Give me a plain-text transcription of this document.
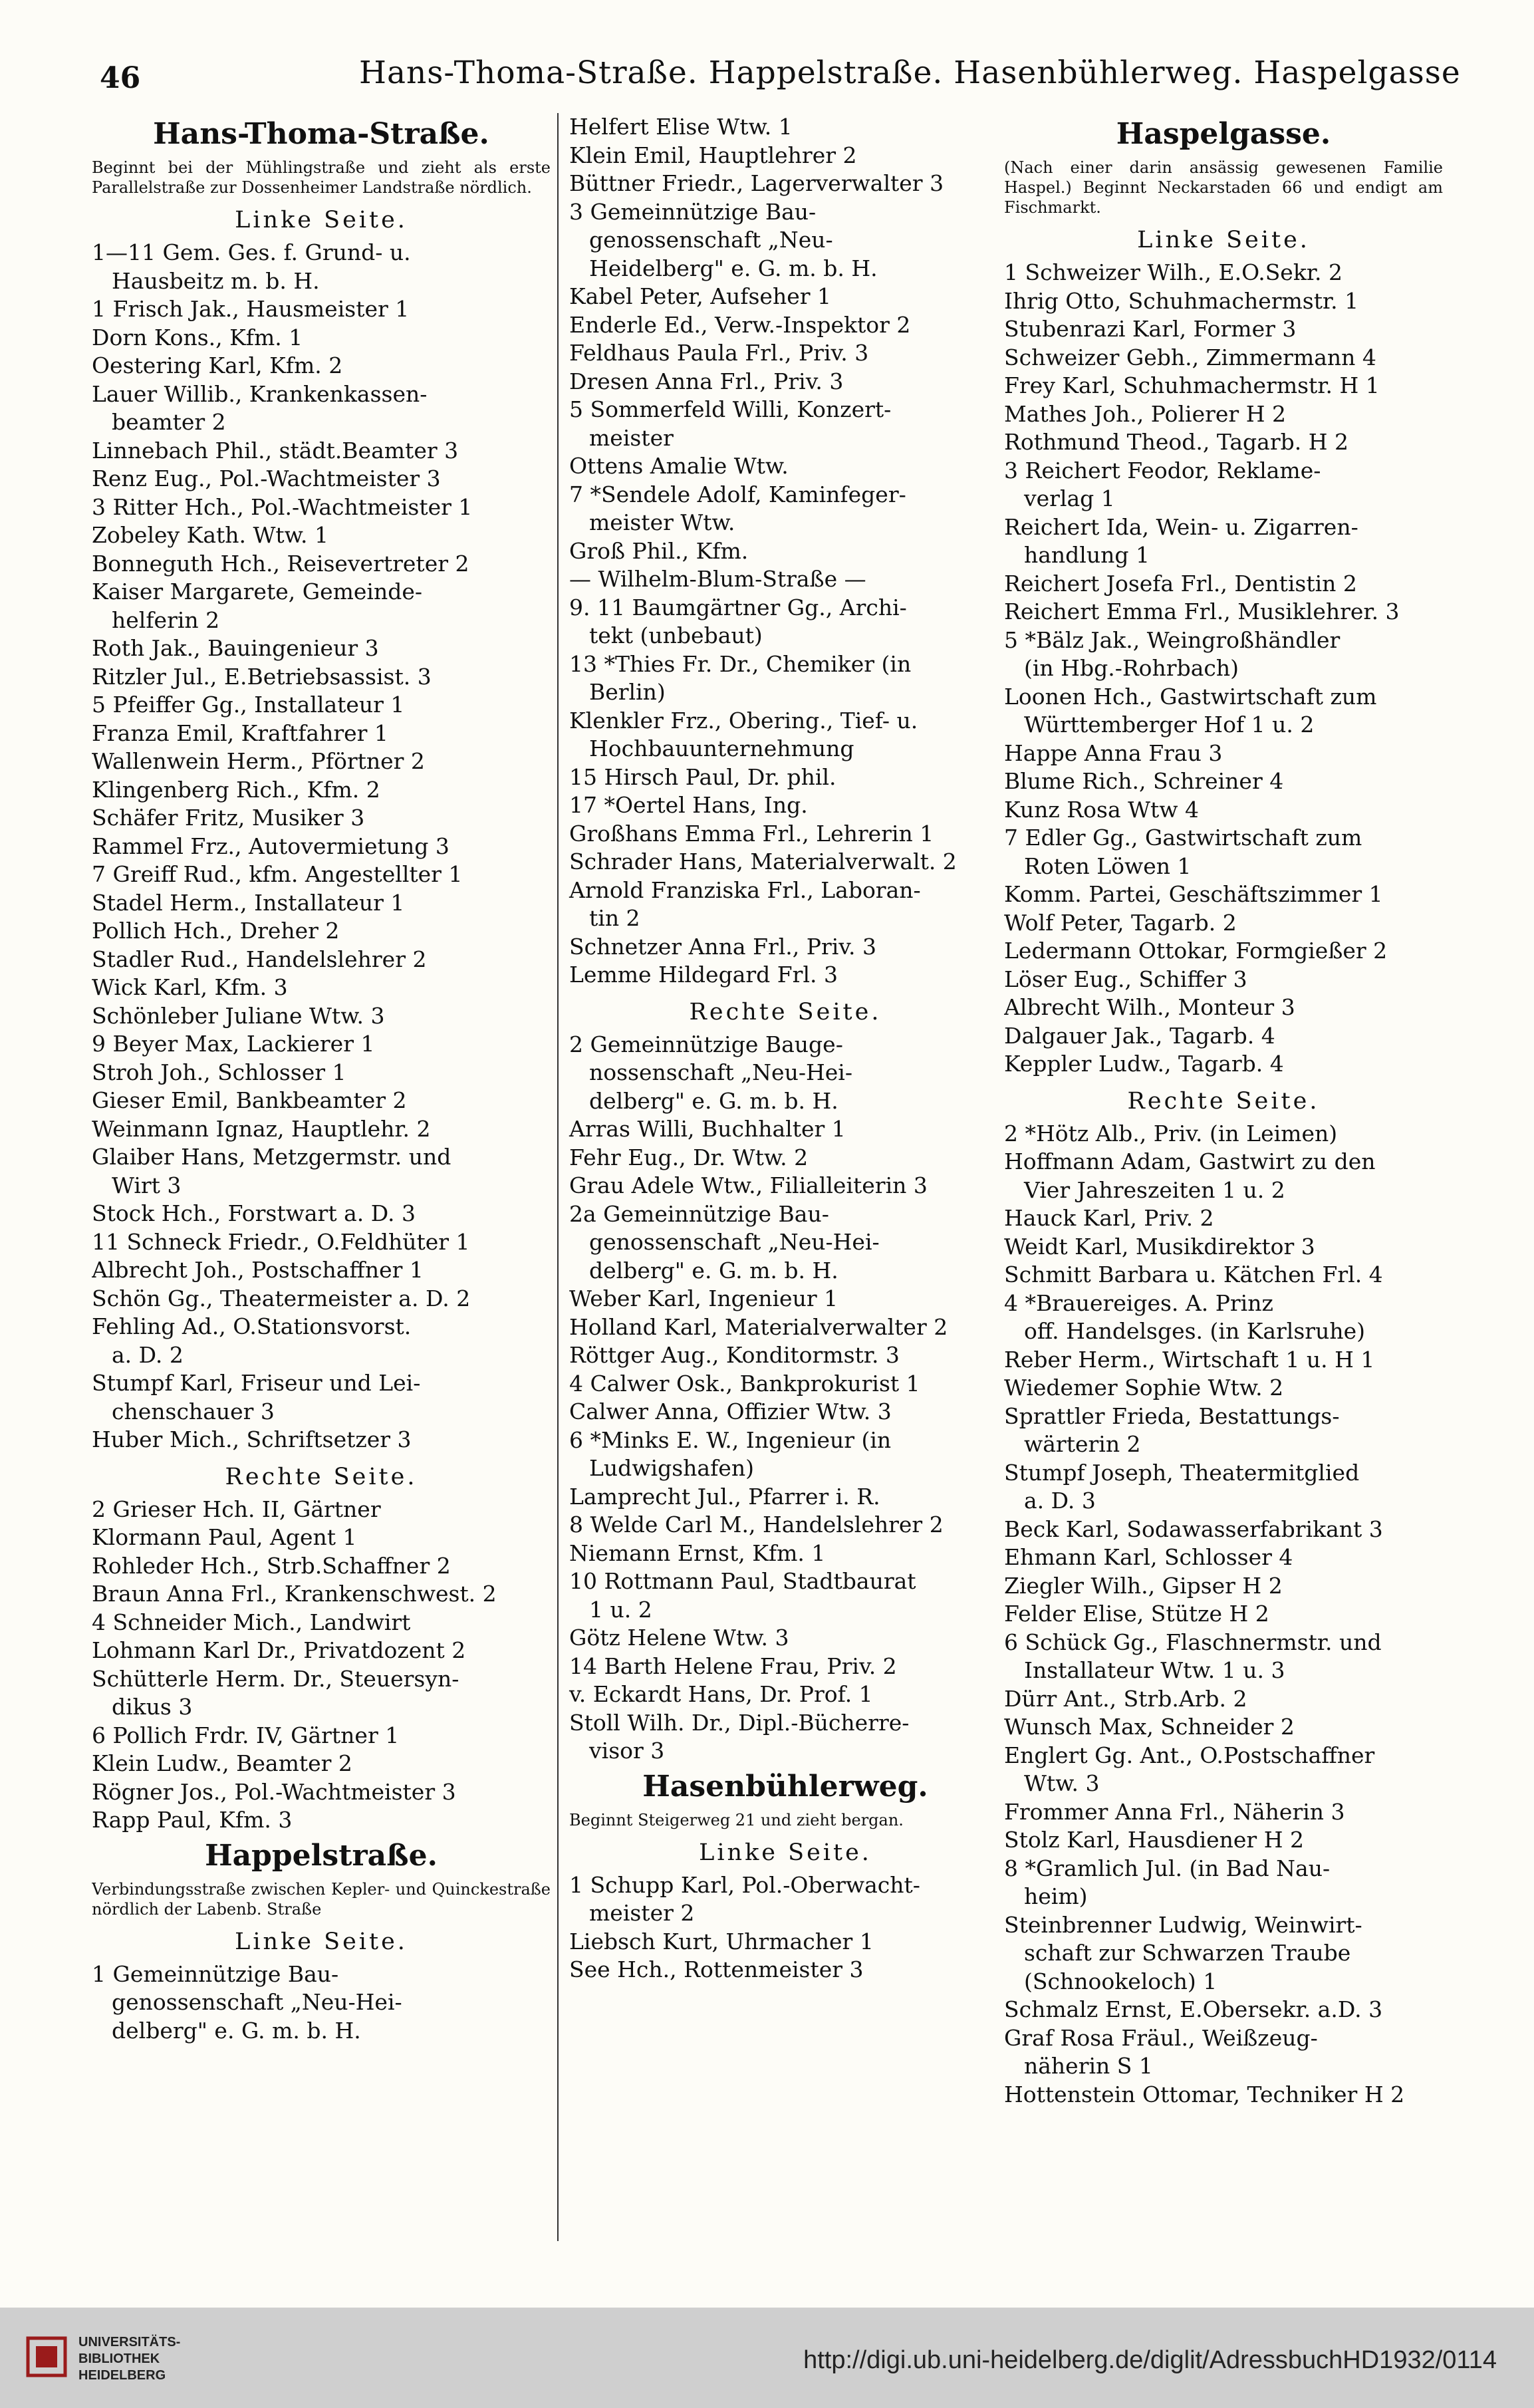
46	Hans-Thoma-Straße. Happelstraße. Hasenbühlerweg. Haspelgasse
Hans-Thoma-Straße.
Beginnt bei der Mühlingstraße und zieht als erste Parallelstraße zur Dossenheimer Landstraße nördlich.
Linke Seite.
1—11 Gem. Ges. f. Grund- u.
Hausbeitz m. b. H.
1 Frisch Jak., Hausmeister 1
Dorn Kons., Kfm. 1
Oestering Karl, Kfm. 2
Lauer Willib., Krankenkassen-
beamter 2
Linnebach Phil., städt.Beamter 3
Renz Eug., Pol.-Wachtmeister 3
3 Ritter Hch., Pol.-Wachtmeister 1
Zobeley Kath. Wtw. 1
Bonneguth Hch., Reisevertreter 2
Kaiser Margarete, Gemeinde-
helferin 2
Roth Jak., Bauingenieur 3
Ritzler Jul., E.Betriebsassist. 3
5 Pfeiffer Gg., Installateur 1
Franza Emil, Kraftfahrer 1
Wallenwein Herm., Pförtner 2
Klingenberg Rich., Kfm. 2
Schäfer Fritz, Musiker 3
Rammel Frz., Autovermietung 3
7 Greiff Rud., kfm. Angestellter 1
Stadel Herm., Installateur 1
Pollich Hch., Dreher 2
Stadler Rud., Handelslehrer 2
Wick Karl, Kfm. 3
Schönleber Juliane Wtw. 3
9 Beyer Max, Lackierer 1
Stroh Joh., Schlosser 1
Gieser Emil, Bankbeamter 2
Weinmann Ignaz, Hauptlehr. 2
Glaiber Hans, Metzgermstr. und
Wirt 3
Stock Hch., Forstwart a. D. 3
11 Schneck Friedr., O.Feldhüter 1
Albrecht Joh., Postschaffner 1
Schön Gg., Theatermeister a. D. 2
Fehling Ad., O.Stationsvorst.
a. D. 2
Stumpf Karl, Friseur und Lei-
chenschauer 3
Huber Mich., Schriftsetzer 3
Rechte Seite.
2 Grieser Hch. II, Gärtner
Klormann Paul, Agent 1
Rohleder Hch., Strb.Schaffner 2
Braun Anna Frl., Krankenschwest. 2
4 Schneider Mich., Landwirt
Lohmann Karl Dr., Privatdozent 2
Schütterle Herm. Dr., Steuersyn-
dikus 3
6 Pollich Frdr. IV, Gärtner 1
Klein Ludw., Beamter 2
Rögner Jos., Pol.-Wachtmeister 3
Rapp Paul, Kfm. 3
Happelstraße.
Verbindungsstraße zwischen Kepler- und Quinckestraße nördlich der Labenb. Straße
Linke Seite.
1 Gemeinnützige Bau-
genossenschaft „Neu-Hei-
delberg" e. G. m. b. H.
Helfert Elise Wtw. 1
Klein Emil, Hauptlehrer 2
Büttner Friedr., Lagerverwalter 3
3 Gemeinnützige Bau-
genossenschaft „Neu-
Heidelberg" e. G. m. b. H.
Kabel Peter, Aufseher 1
Enderle Ed., Verw.-Inspektor 2
Feldhaus Paula Frl., Priv. 3
Dresen Anna Frl., Priv. 3
5 Sommerfeld Willi, Konzert-
meister
Ottens Amalie Wtw.
7 *Sendele Adolf, Kaminfeger-
meister Wtw.
Groß Phil., Kfm.
— Wilhelm-Blum-Straße —
9. 11 Baumgärtner Gg., Archi-
tekt (unbebaut)
13 *Thies Fr. Dr., Chemiker (in
Berlin)
Klenkler Frz., Obering., Tief- u.
Hochbauunternehmung
15 Hirsch Paul, Dr. phil.
17 *Oertel Hans, Ing.
Großhans Emma Frl., Lehrerin 1
Schrader Hans, Materialverwalt. 2
Arnold Franziska Frl., Laboran-
tin 2
Schnetzer Anna Frl., Priv. 3
Lemme Hildegard Frl. 3
Rechte Seite.
2 Gemeinnützige Bauge-
nossenschaft „Neu-Hei-
delberg" e. G. m. b. H.
Arras Willi, Buchhalter 1
Fehr Eug., Dr. Wtw. 2
Grau Adele Wtw., Filialleiterin 3
2a Gemeinnützige Bau-
genossenschaft „Neu-Hei-
delberg" e. G. m. b. H.
Weber Karl, Ingenieur 1
Holland Karl, Materialverwalter 2
Röttger Aug., Konditormstr. 3
4 Calwer Osk., Bankprokurist 1
Calwer Anna, Offizier Wtw. 3
6 *Minks E. W., Ingenieur (in
Ludwigshafen)
Lamprecht Jul., Pfarrer i. R.
8 Welde Carl M., Handelslehrer 2
Niemann Ernst, Kfm. 1
10 Rottmann Paul, Stadtbaurat
1 u. 2
Götz Helene Wtw. 3
14 Barth Helene Frau, Priv. 2
v. Eckardt Hans, Dr. Prof. 1
Stoll Wilh. Dr., Dipl.-Bücherre-
visor 3
Hasenbühlerweg.
Beginnt Steigerweg 21 und zieht bergan.
Linke Seite.
1 Schupp Karl, Pol.-Oberwacht-
meister 2
Liebsch Kurt, Uhrmacher 1
See Hch., Rottenmeister 3
Haspelgasse.
(Nach einer darin ansässig gewesenen Familie Haspel.) Beginnt Neckarstaden 66 und endigt am Fischmarkt.
Linke Seite.
1 Schweizer Wilh., E.O.Sekr. 2
Ihrig Otto, Schuhmachermstr. 1
Stubenrazi Karl, Former 3
Schweizer Gebh., Zimmermann 4
Frey Karl, Schuhmachermstr. H 1
Mathes Joh., Polierer H 2
Rothmund Theod., Tagarb. H 2
3 Reichert Feodor, Reklame-
verlag 1
Reichert Ida, Wein- u. Zigarren-
handlung 1
Reichert Josefa Frl., Dentistin 2
Reichert Emma Frl., Musiklehrer. 3
5 *Bälz Jak., Weingroßhändler
(in Hbg.-Rohrbach)
Loonen Hch., Gastwirtschaft zum
Württemberger Hof 1 u. 2
Happe Anna Frau 3
Blume Rich., Schreiner 4
Kunz Rosa Wtw 4
7 Edler Gg., Gastwirtschaft zum
Roten Löwen 1
Komm. Partei, Geschäftszimmer 1
Wolf Peter, Tagarb. 2
Ledermann Ottokar, Formgießer 2
Löser Eug., Schiffer 3
Albrecht Wilh., Monteur 3
Dalgauer Jak., Tagarb. 4
Keppler Ludw., Tagarb. 4
Rechte Seite.
2 *Hötz Alb., Priv. (in Leimen)
Hoffmann Adam, Gastwirt zu den
Vier Jahreszeiten 1 u. 2
Hauck Karl, Priv. 2
Weidt Karl, Musikdirektor 3
Schmitt Barbara u. Kätchen Frl. 4
4 *Brauereiges. A. Prinz
off. Handelsges. (in Karlsruhe)
Reber Herm., Wirtschaft 1 u. H 1
Wiedemer Sophie Wtw. 2
Sprattler Frieda, Bestattungs-
wärterin 2
Stumpf Joseph, Theatermitglied
a. D. 3
Beck Karl, Sodawasserfabrikant 3
Ehmann Karl, Schlosser 4
Ziegler Wilh., Gipser H 2
Felder Elise, Stütze H 2
6 Schück Gg., Flaschnermstr. und
Installateur Wtw. 1 u. 3
Dürr Ant., Strb.Arb. 2
Wunsch Max, Schneider 2
Englert Gg. Ant., O.Postschaffner
Wtw. 3
Frommer Anna Frl., Näherin 3
Stolz Karl, Hausdiener H 2
8 *Gramlich Jul. (in Bad Nau-
heim)
Steinbrenner Ludwig, Weinwirt-
schaft zur Schwarzen Traube
(Schnookeloch) 1
Schmalz Ernst, E.Obersekr. a.D. 3
Graf Rosa Fräul., Weißzeug-
näherin S 1
Hottenstein Ottomar, Techniker H 2
UNIVERSITÄTS-
BIBLIOTHEK
HEIDELBERG
http://digi.ub.uni-heidelberg.de/diglit/AdressbuchHD1932/0114
